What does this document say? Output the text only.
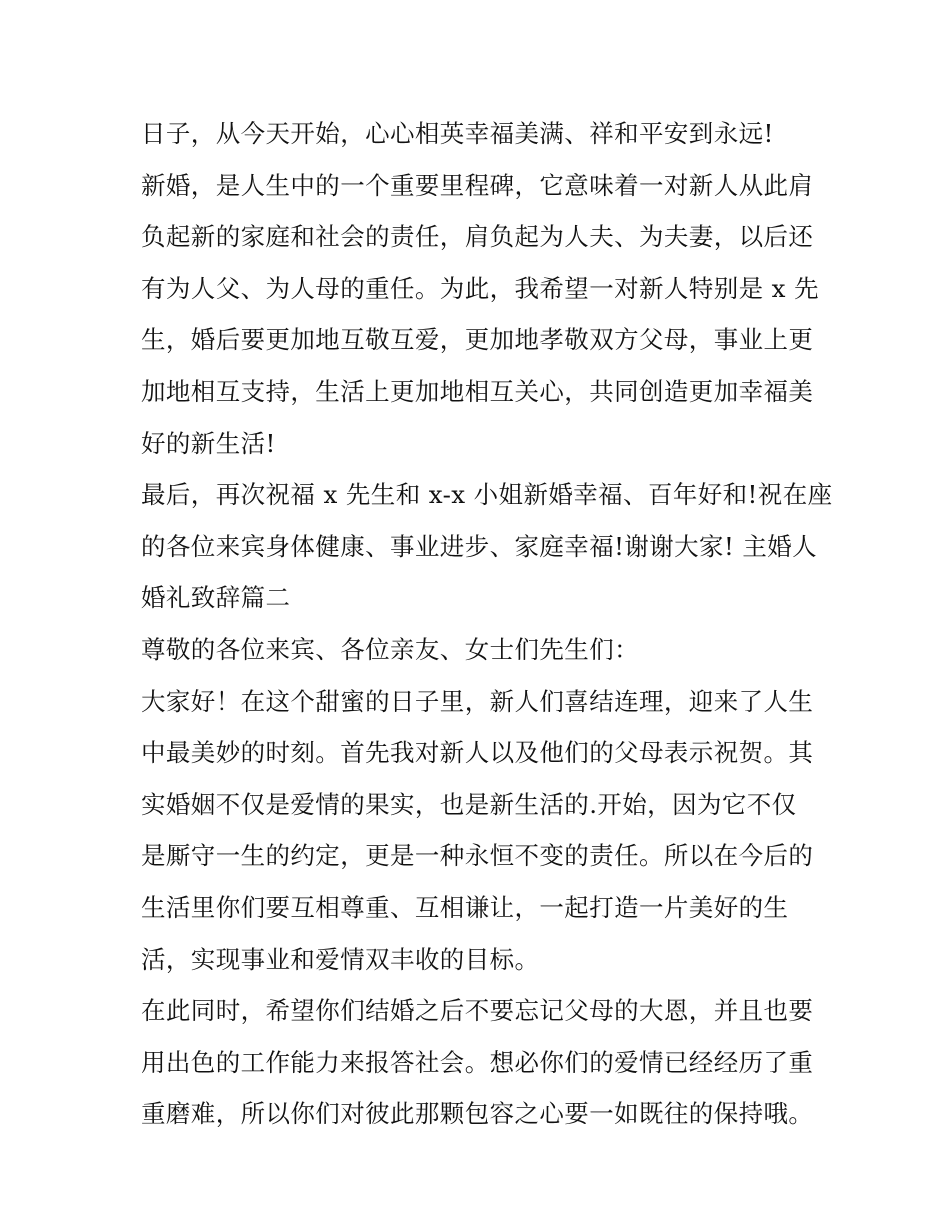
日子，从今天开始，心心相英幸福美满、祥和平安到永远!
新婚，是人生中的一个重要里程碑，它意味着一对新人从此肩
负起新的家庭和社会的责任，肩负起为人夫、为夫妻，以后还
有为人父、为人母的重任。为此，我希望一对新人特别是 x 先
生，婚后要更加地互敬互爱，更加地孝敬双方父母，事业上更
加地相互支持，生活上更加地相互关心，共同创造更加幸福美
好的新生活!
最后，再次祝福 x 先生和 x-x 小姐新婚幸福、百年好和!祝在座
的各位来宾身体健康、事业进步、家庭幸福!谢谢大家! 主婚人
婚礼致辞篇二
尊敬的各位来宾、各位亲友、女士们先生们：
大家好！在这个甜蜜的日子里，新人们喜结连理，迎来了人生
中最美妙的时刻。首先我对新人以及他们的父母表示祝贺。其
实婚姻不仅是爱情的果实，也是新生活的.开始，因为它不仅
是厮守一生的约定，更是一种永恒不变的责任。所以在今后的
生活里你们要互相尊重、互相谦让，一起打造一片美好的生
活，实现事业和爱情双丰收的目标。
在此同时，希望你们结婚之后不要忘记父母的大恩，并且也要
用出色的工作能力来报答社会。想必你们的爱情已经经历了重
重磨难，所以你们对彼此那颗包容之心要一如既往的保持哦。
